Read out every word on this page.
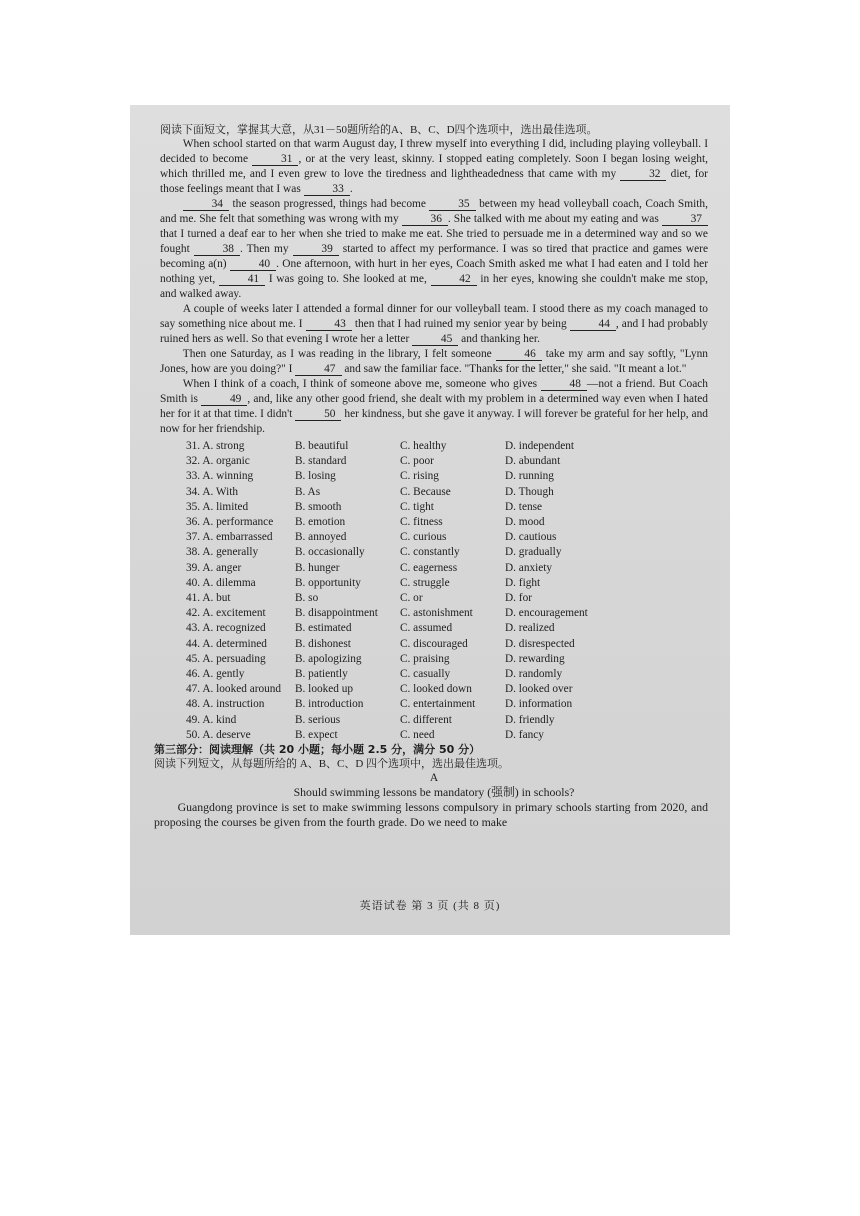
阅读下面短文，掌握其大意，从31－50题所给的A、B、C、D四个选项中，选出最佳选项。

When school started on that warm August day, I threw myself into everything I did, including playing volleyball. I decided to become	31 , or at the very least, skinny. I stopped eating completely. Soon I began losing weight, which thrilled me, and I even grew to love the tiredness and lightheadedness that came with my	32 diet, for those feelings meant that I was	33 .

34 the season progressed, things had become	35 between my head volleyball coach, Coach Smith, and me. She felt that something was wrong with my	36 . She talked with me about my eating and was	37 that I turned a deaf ear to her when she tried to make me eat. She tried to persuade me in a determined way and so we fought	38 . Then my	39 started to affect my performance. I was so tired that practice and games were becoming a(n)	40 . One afternoon, with hurt in her eyes, Coach Smith asked me what I had eaten and I told her nothing yet,	41 I was going to. She looked at me,	42 in her eyes, knowing she couldn't make me stop, and walked away.

A couple of weeks later I attended a formal dinner for our volleyball team. I stood there as my coach managed to say something nice about me. I	43 then that I had ruined my senior year by being	44 , and I had probably ruined hers as well. So that evening I wrote her a letter	45 and thanking her.

Then one Saturday, as I was reading in the library, I felt someone	46 take my arm and say softly, "Lynn Jones, how are you doing?" I	47 and saw the familiar face. "Thanks for the letter," she said. "It meant a lot."

When I think of a coach, I think of someone above me, someone who gives	48 —not a friend. But Coach Smith is	49 , and, like any other good friend, she dealt with my problem in a determined way even when I hated her for it at that time. I didn't	50 her kindness, but she gave it anyway. I will forever be grateful for her help, and now for her friendship.

31. A. strong	B. beautiful	C. healthy	D. independent
32. A. organic	B. standard	C. poor	D. abundant
33. A. winning	B. losing	C. rising	D. running
34. A. With	B. As	C. Because	D. Though
35. A. limited	B. smooth	C. tight	D. tense
36. A. performance	B. emotion	C. fitness	D. mood
37. A. embarrassed	B. annoyed	C. curious	D. cautious
38. A. generally	B. occasionally	C. constantly	D. gradually
39. A. anger	B. hunger	C. eagerness	D. anxiety
40. A. dilemma	B. opportunity	C. struggle	D. fight
41. A. but	B. so	C. or	D. for
42. A. excitement	B. disappointment	C. astonishment	D. encouragement
43. A. recognized	B. estimated	C. assumed	D. realized
44. A. determined	B. dishonest	C. discouraged	D. disrespected
45. A. persuading	B. apologizing	C. praising	D. rewarding
46. A. gently	B. patiently	C. casually	D. randomly
47. A. looked around	B. looked up	C. looked down	D. looked over
48. A. instruction	B. introduction	C. entertainment	D. information
49. A. kind	B. serious	C. different	D. friendly
50. A. deserve	B. expect	C. need	D. fancy

第三部分：阅读理解（共 20 小题；每小题 2.5 分，满分 50 分）

阅读下列短文，从每题所给的 A、B、C、D 四个选项中，选出最佳选项。

A

Should swimming lessons be mandatory (强制) in schools?

Guangdong province is set to make swimming lessons compulsory in primary schools starting from 2020, and proposing the courses be given from the fourth grade. Do we need to make

英语试卷 第 3 页 (共 8 页)
